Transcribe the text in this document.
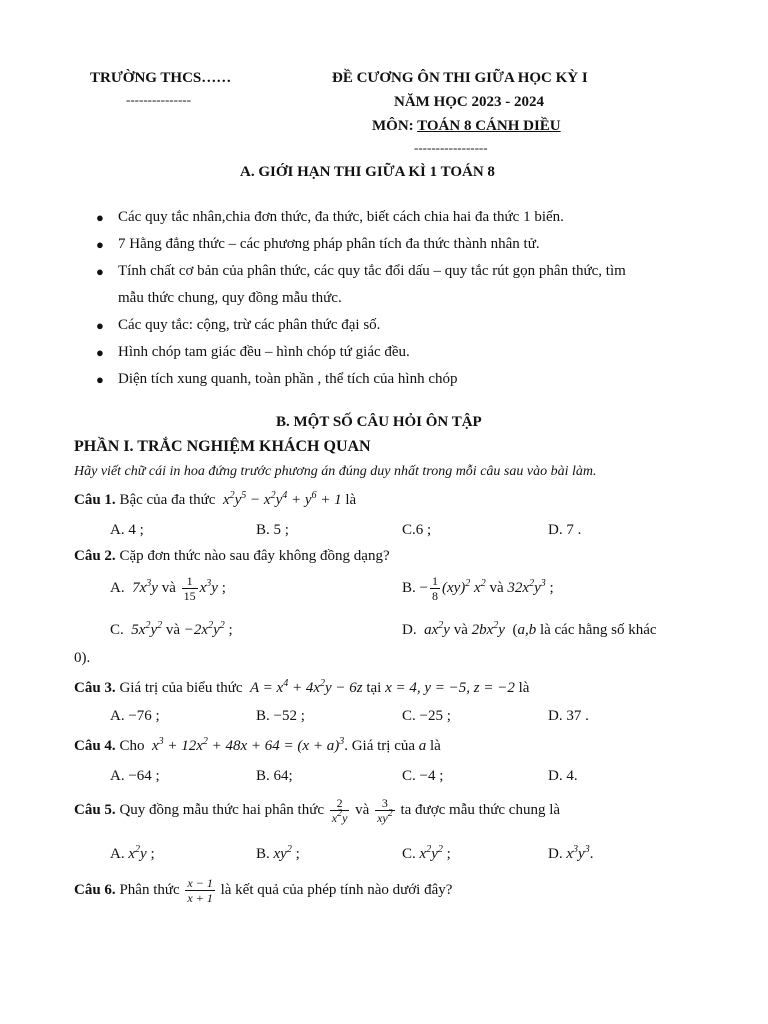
TRƯỜNG THCS……
---------------
ĐỀ CƯƠNG ÔN THI GIỮA HỌC KỲ I
NĂM HỌC 2023 - 2024
MÔN: TOÁN 8 CÁNH DIỀU
-----------------
A. GIỚI HẠN THI GIỮA KÌ 1 TOÁN 8
● Các quy tắc nhân,chia đơn thức, đa thức, biết cách chia hai đa thức 1 biến.
● 7 Hằng đẳng thức – các phương pháp phân tích đa thức thành nhân tử.
● Tính chất cơ bản của phân thức, các quy tắc đổi dấu – quy tắc rút gọn phân thức, tìm
mẫu thức chung, quy đồng mẫu thức.
● Các quy tắc: cộng, trừ các phân thức đại số.
● Hình chóp tam giác đều – hình chóp tứ giác đều.
● Diện tích xung quanh, toàn phần , thể tích của hình chóp
B. MỘT SỐ CÂU HỎI ÔN TẬP
PHẦN I. TRẮC NGHIỆM KHÁCH QUAN
Hãy viết chữ cái in hoa đứng trước phương án đúng duy nhất trong mỗi câu sau vào bài làm.
Câu 1. Bậc của đa thức  $x^2y^5 - x^2y^4 + y^6 + 1$ là
A. 4 ;	B. 5 ;	C.6 ;	D. 7 .
Câu 2. Cặp đơn thức nào sau đây không đồng dạng?
A.  $7x^3y$ và $\frac{1}{15} x^3y$ ;	B. − $\frac{1}{8} (xy)^2$ $x^2$ và $32x^2y^3$ ;
C.  $5x^2y^2$ và $-2x^2y^2$ ;	D.  $ax^2y$ và $2bx^2y$  (a,b là các hằng số khác
0).
Câu 3. Giá trị của biểu thức  $A = x^4 + 4x^2y - 6z$ tại x = 4, y = −5, z = −2 là
A. −76 ;	B. −52 ;	C. −25 ;	D. 37 .
Câu 4. Cho  $x^3 + 12x^2 + 48x + 64 = (x + a)^3$. Giá trị của a là
A. −64 ;	B. 64;	C. −4 ;	D. 4.
Câu 5. Quy đồng mẫu thức hai phân thức $\frac{2}{x^2y}$ và $\frac{3}{xy^2}$ ta được mẫu thức chung là
A. $x^2y$ ;	B. $xy^2$ ;	C. $x^2y^2$ ;	D. $x^3y^3$.
Câu 6. Phân thức $\frac{x - 1}{x + 1}$ là kết quả của phép tính nào dưới đây?
